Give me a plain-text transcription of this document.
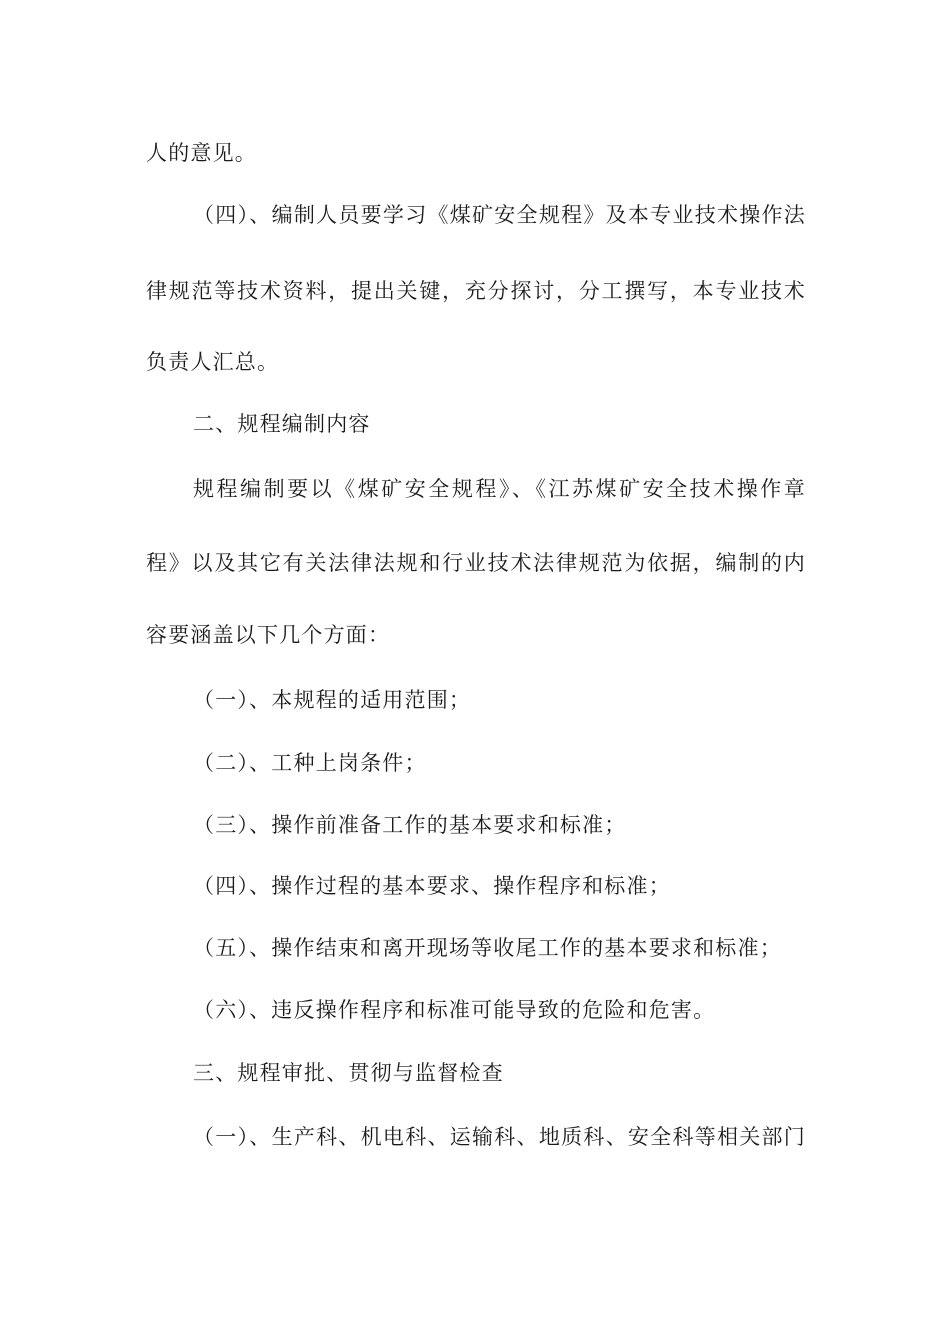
人的意见。
（四）、编制人员要学习《煤矿安全规程》及本专业技术操作法
律规范等技术资料，提出关键，充分探讨，分工撰写，本专业技术
负责人汇总。
二、规程编制内容
规程编制要以《煤矿安全规程》、《江苏煤矿安全技术操作章
程》以及其它有关法律法规和行业技术法律规范为依据，编制的内
容要涵盖以下几个方面：
（一）、本规程的适用范围；
（二）、工种上岗条件；
（三）、操作前准备工作的基本要求和标准；
（四）、操作过程的基本要求、操作程序和标准；
（五）、操作结束和离开现场等收尾工作的基本要求和标准；
（六）、违反操作程序和标准可能导致的危险和危害。
三、规程审批、贯彻与监督检查
（一）、生产科、机电科、运输科、地质科、安全科等相关部门
